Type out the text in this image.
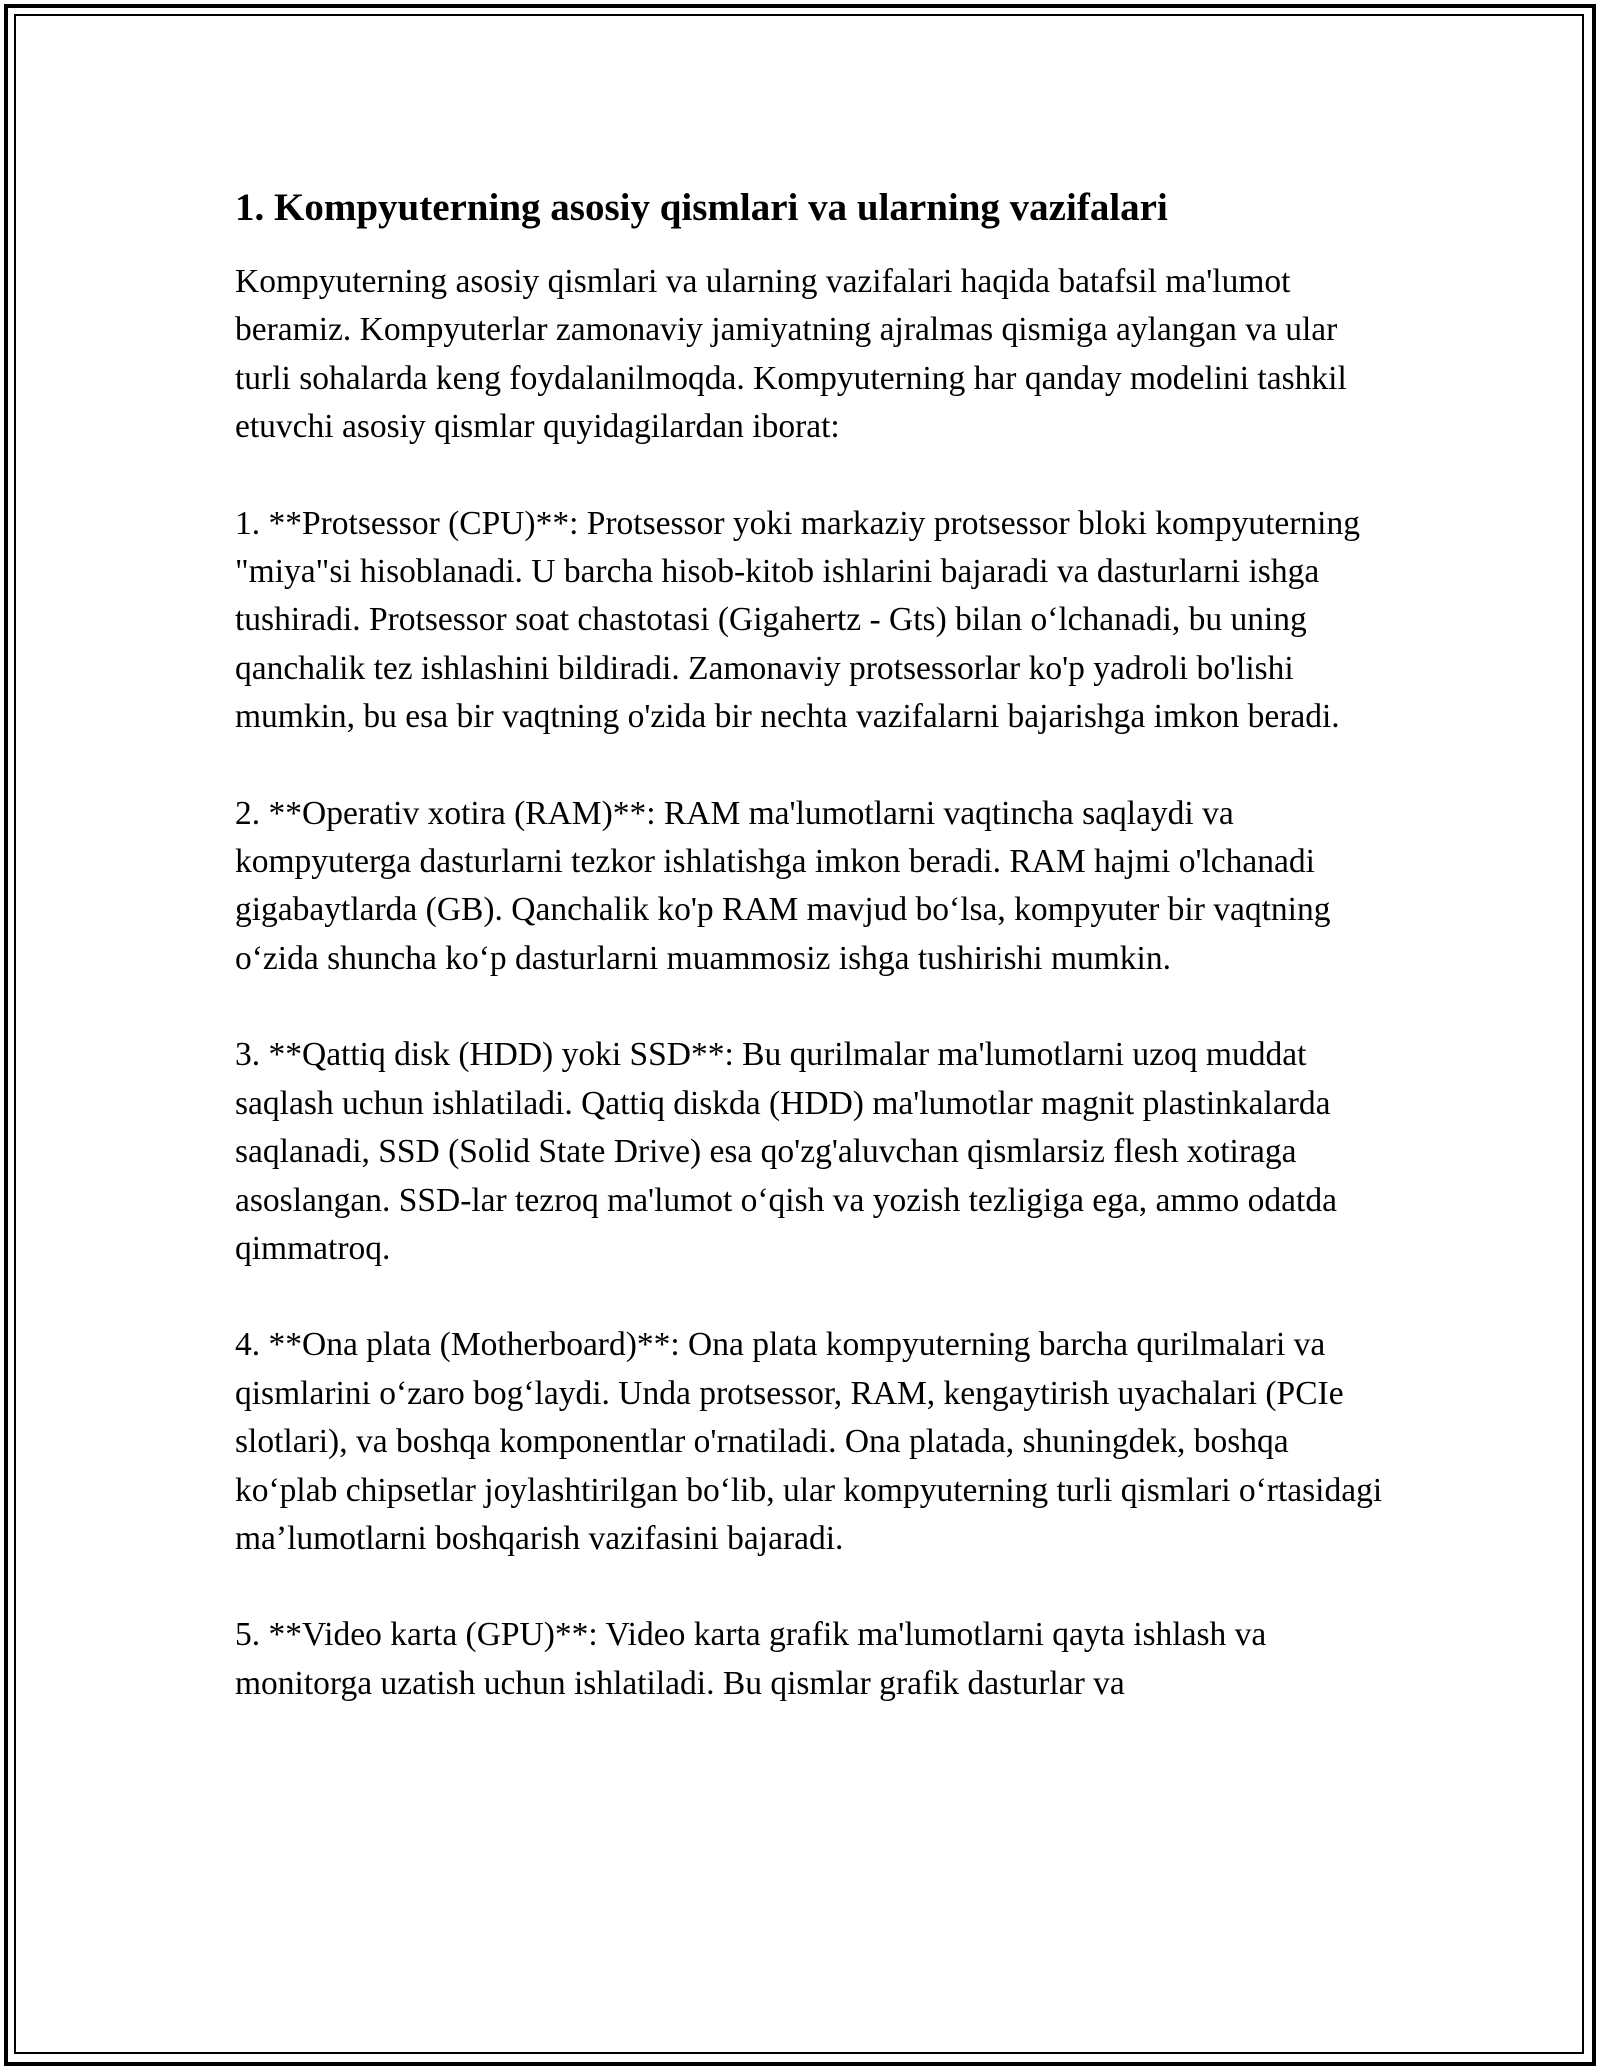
1. Kompyuterning asosiy qismlari va ularning vazifalari

Kompyuterning asosiy qismlari va ularning vazifalari haqida batafsil ma'lumot beramiz. Kompyuterlar zamonaviy jamiyatning ajralmas qismiga aylangan va ular turli sohalarda keng foydalanilmoqda. Kompyuterning har qanday modelini tashkil etuvchi asosiy qismlar quyidagilardan iborat:

1. **Protsessor (CPU)**: Protsessor yoki markaziy protsessor bloki kompyuterning "miya"si hisoblanadi. U barcha hisob-kitob ishlarini bajaradi va dasturlarni ishga tushiradi. Protsessor soat chastotasi (Gigahertz - Gts) bilan oʻlchanadi, bu uning qanchalik tez ishlashini bildiradi. Zamonaviy protsessorlar ko'p yadroli bo'lishi mumkin, bu esa bir vaqtning o'zida bir nechta vazifalarni bajarishga imkon beradi.

2. **Operativ xotira (RAM)**: RAM ma'lumotlarni vaqtincha saqlaydi va kompyuterga dasturlarni tezkor ishlatishga imkon beradi. RAM hajmi o'lchanadi gigabaytlarda (GB). Qanchalik ko'p RAM mavjud boʻlsa, kompyuter bir vaqtning oʻzida shuncha koʻp dasturlarni muammosiz ishga tushirishi mumkin.

3. **Qattiq disk (HDD) yoki SSD**: Bu qurilmalar ma'lumotlarni uzoq muddat saqlash uchun ishlatiladi. Qattiq diskda (HDD) ma'lumotlar magnit plastinkalarda saqlanadi, SSD (Solid State Drive) esa qo'zg'aluvchan qismlarsiz flesh xotiraga asoslangan. SSD-lar tezroq ma'lumot oʻqish va yozish tezligiga ega, ammo odatda qimmatroq.

4. **Ona plata (Motherboard)**: Ona plata kompyuterning barcha qurilmalari va qismlarini oʻzaro bogʻlaydi. Unda protsessor, RAM, kengaytirish uyachalari (PCIe slotlari), va boshqa komponentlar o'rnatiladi. Ona platada, shuningdek, boshqa koʻplab chipsetlar joylashtirilgan boʻlib, ular kompyuterning turli qismlari oʻrtasidagi maʼlumotlarni boshqarish vazifasini bajaradi.

5. **Video karta (GPU)**: Video karta grafik ma'lumotlarni qayta ishlash va monitorga uzatish uchun ishlatiladi. Bu qismlar grafik dasturlar va
